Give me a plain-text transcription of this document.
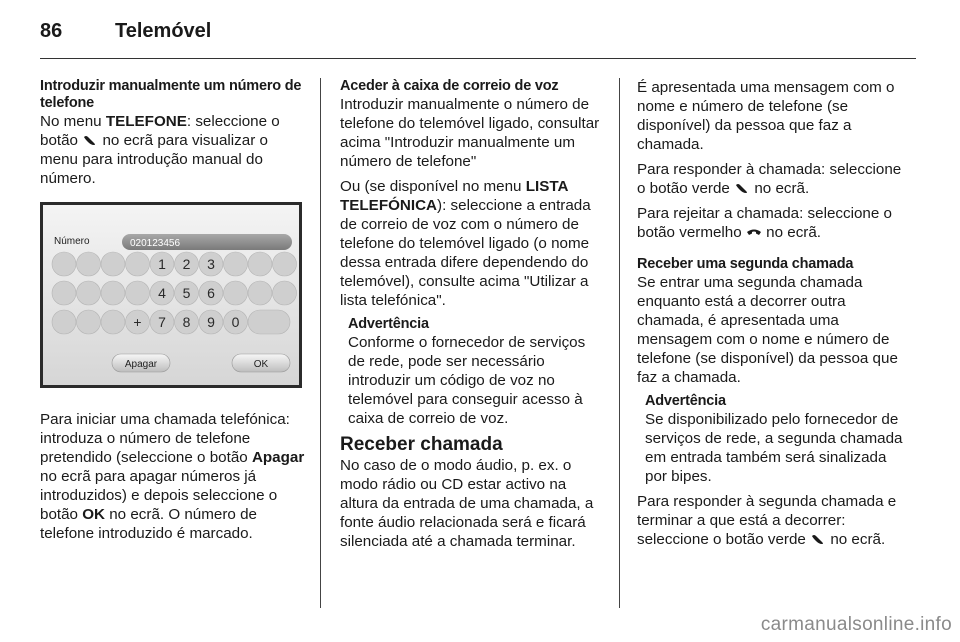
86	Telemóvel

Introduzir manualmente um número de telefone

No menu TELEFONE: seleccione o botão  no ecrã para visualizar o menu para introdução manual do número.

Número	020123456
1 2 3
4 5 6
+ 7 8 9 0
Apagar	OK

Para iniciar uma chamada telefónica: introduza o número de telefone pretendido (seleccione o botão Apagar no ecrã para apagar números já introduzidos) e depois seleccione o botão OK no ecrã. O número de telefone introduzido é marcado.

Aceder à caixa de correio de voz

Introduzir manualmente o número de telefone do telemóvel ligado, consultar acima "Introduzir manualmente um número de telefone"

Ou (se disponível no menu LISTA TELEFÓNICA): seleccione a entrada de correio de voz com o número de telefone do telemóvel ligado (o nome dessa entrada difere dependendo do telemóvel), consulte acima "Utilizar a lista telefónica".

Advertência

Conforme o fornecedor de serviços de rede, pode ser necessário introduzir um código de voz no telemóvel para conseguir acesso à caixa de correio de voz.

Receber chamada

No caso de o modo áudio, p. ex. o modo rádio ou CD estar activo na altura da entrada de uma chamada, a fonte áudio relacionada será e ficará silenciada até a chamada terminar.

É apresentada uma mensagem com o nome e número de telefone (se disponível) da pessoa que faz a chamada.

Para responder à chamada: seleccione o botão verde  no ecrã.

Para rejeitar a chamada: seleccione o botão vermelho  no ecrã.

Receber uma segunda chamada

Se entrar uma segunda chamada enquanto está a decorrer outra chamada, é apresentada uma mensagem com o nome e número de telefone (se disponível) da pessoa que faz a chamada.

Advertência

Se disponibilizado pelo fornecedor de serviços de rede, a segunda chamada em entrada também será sinalizada por bipes.

Para responder à segunda chamada e terminar a que está a decorrer: seleccione o botão verde  no ecrã.

carmanualsonline.info
